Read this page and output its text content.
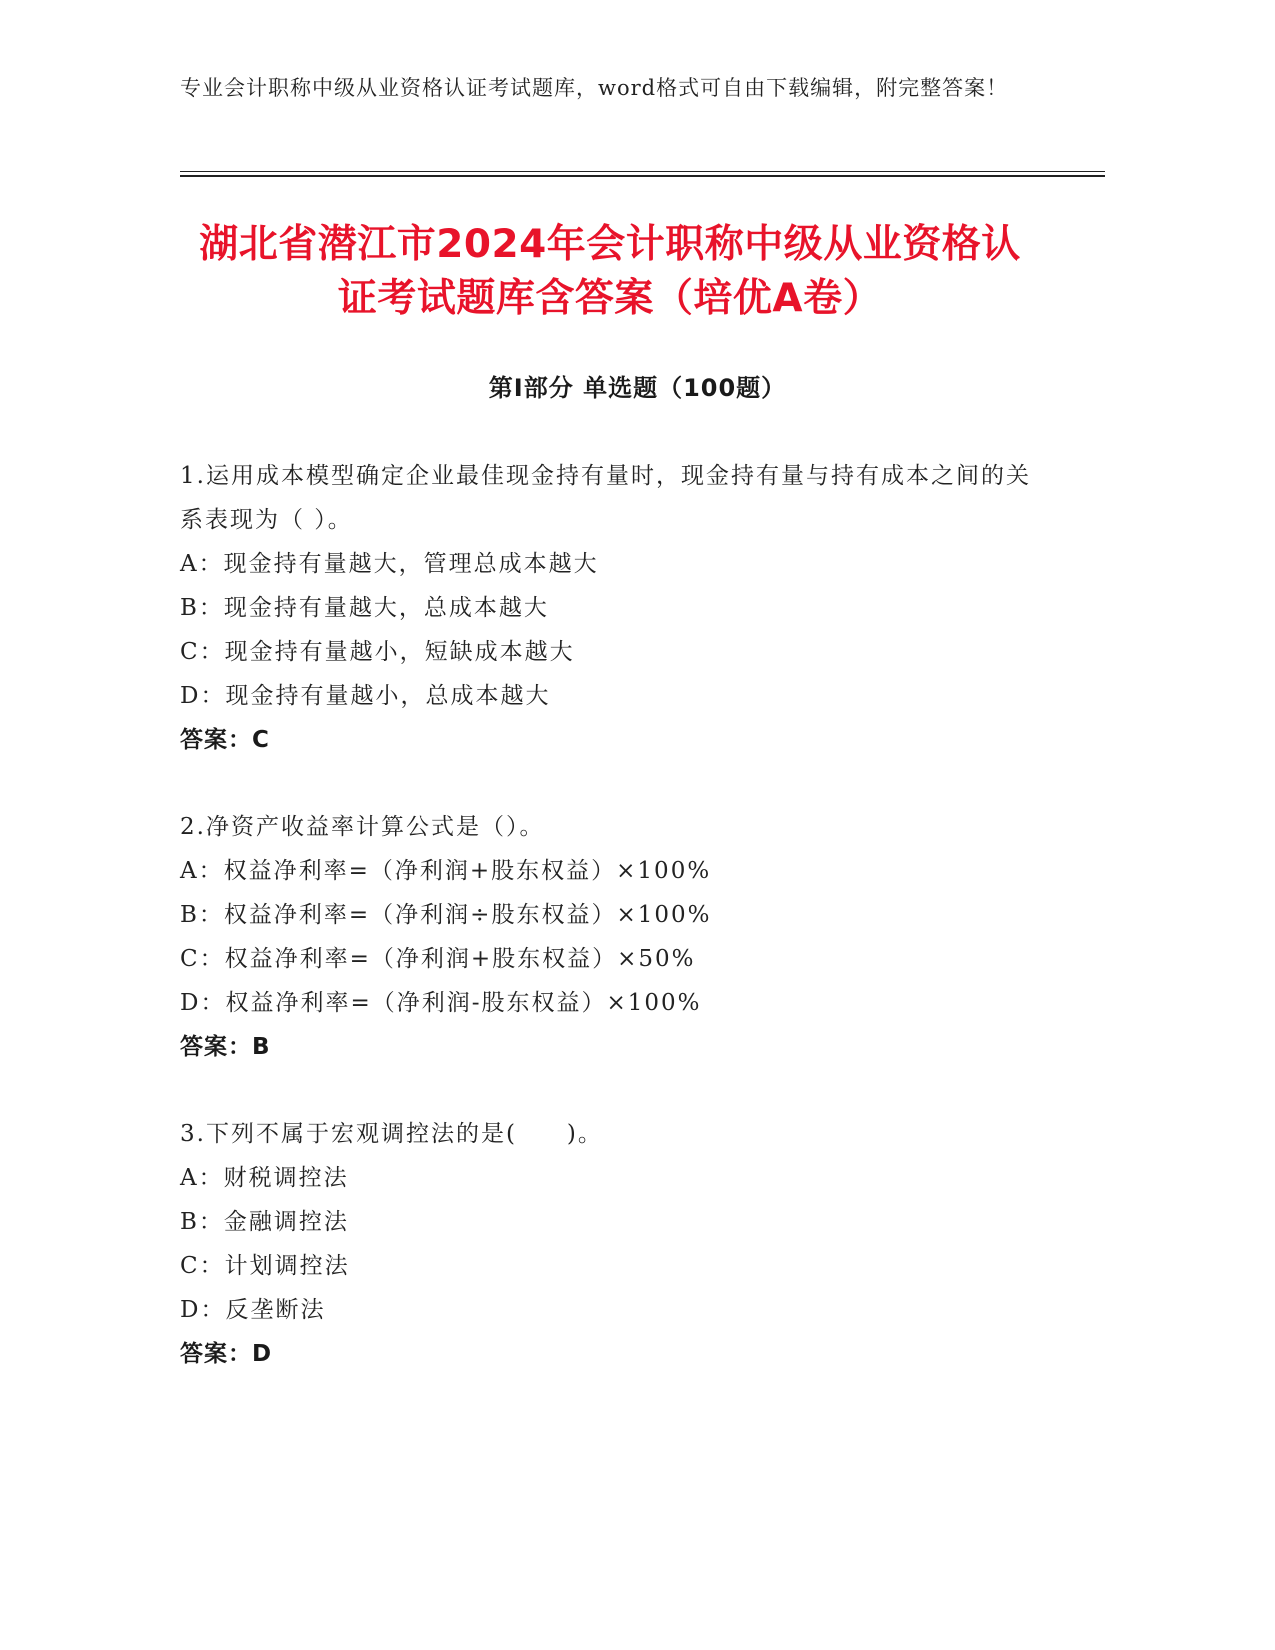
专业会计职称中级从业资格认证考试题库，word格式可自由下载编辑，附完整答案！
湖北省潜江市2024年会计职称中级从业资格认证考试题库含答案（培优A卷）
第Ⅰ部分 单选题（100题）
1.运用成本模型确定企业最佳现金持有量时，现金持有量与持有成本之间的关系表现为（ ）。
A：现金持有量越大，管理总成本越大
B：现金持有量越大，总成本越大
C：现金持有量越小，短缺成本越大
D：现金持有量越小，总成本越大
答案：C
2.净资产收益率计算公式是（）。
A：权益净利率=（净利润+股东权益）×100%
B：权益净利率=（净利润÷股东权益）×100%
C：权益净利率=（净利润+股东权益）×50%
D：权益净利率=（净利润-股东权益）×100%
答案：B
3.下列不属于宏观调控法的是(　　)。
A：财税调控法
B：金融调控法
C：计划调控法
D：反垄断法
答案：D
